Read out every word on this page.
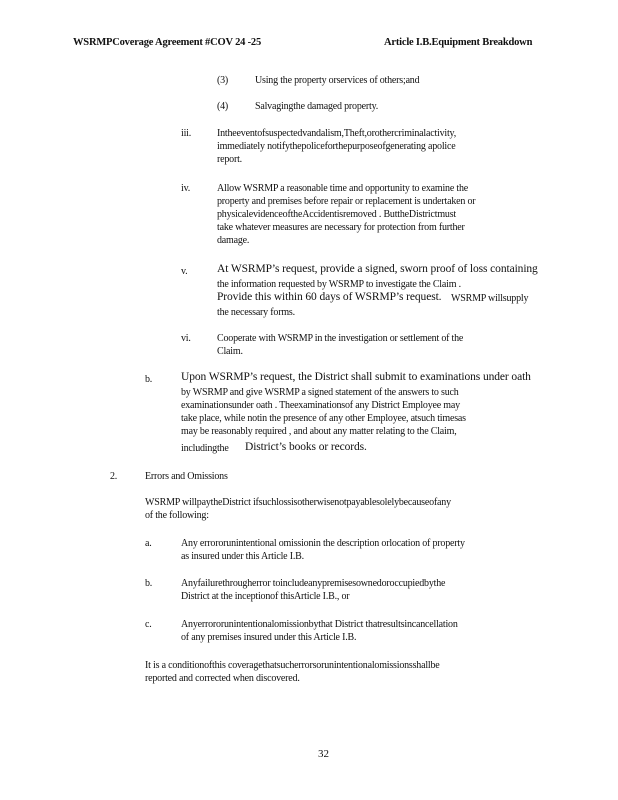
WSRMPCoverage Agreement #COV 24 -25	Article I.B.Equipment Breakdown
(3)	Using the property orservices of others;and
(4)	Salvagingthe damaged property.
iii.	Intheeventofsuspectedvandalism,Theft,orothercriminalactivity,
immediately notifythepoliceforthepurposeofgenerating apolice
report.
iv.	Allow WSRMP a reasonable time and opportunity to examine the
property and premises before repair or replacement is undertaken or
physicalevidenceoftheAccidentisremoved . ButtheDistrictmust
take whatever measures are necessary for protection from further
damage.
v.	At WSRMP’s request, provide a signed, sworn proof of loss containing
the information requested by WSRMP to investigate the Claim .
Provide this within 60 days of WSRMP’s request. WSRMP willsupply
the necessary forms.
vi.	Cooperate with WSRMP in the investigation or settlement of the
Claim.
b.	Upon WSRMP’s request, the District shall submit to examinations under oath
by WSRMP and give WSRMP a signed statement of the answers to such
examinationsunder oath . Theexaminationsof any District Employee may
take place, while notin the presence of any other Employee, atsuch timesas
may be reasonably required , and about any matter relating to the Claim,
includingthe District’s books or records.
2.	Errors and Omissions
WSRMP willpaytheDistrict ifsuchlossisotherwisenotpayablesolelybecauseofany
of the following:
a.	Any errororunintentional omissionin the description orlocation of property
as insured under this Article I.B.
b.	Anyfailurethrougherror toincludeanypremisesownedoroccupiedbythe
District at the inceptionof thisArticle I.B., or
c.	Anyerrororunintentionalomissionbythat District thatresultsincancellation
of any premises insured under this Article I.B.
It is a conditionofthis coveragethatsucherrorsorunintentionalomissionsshallbe
reported and corrected when discovered.
32
